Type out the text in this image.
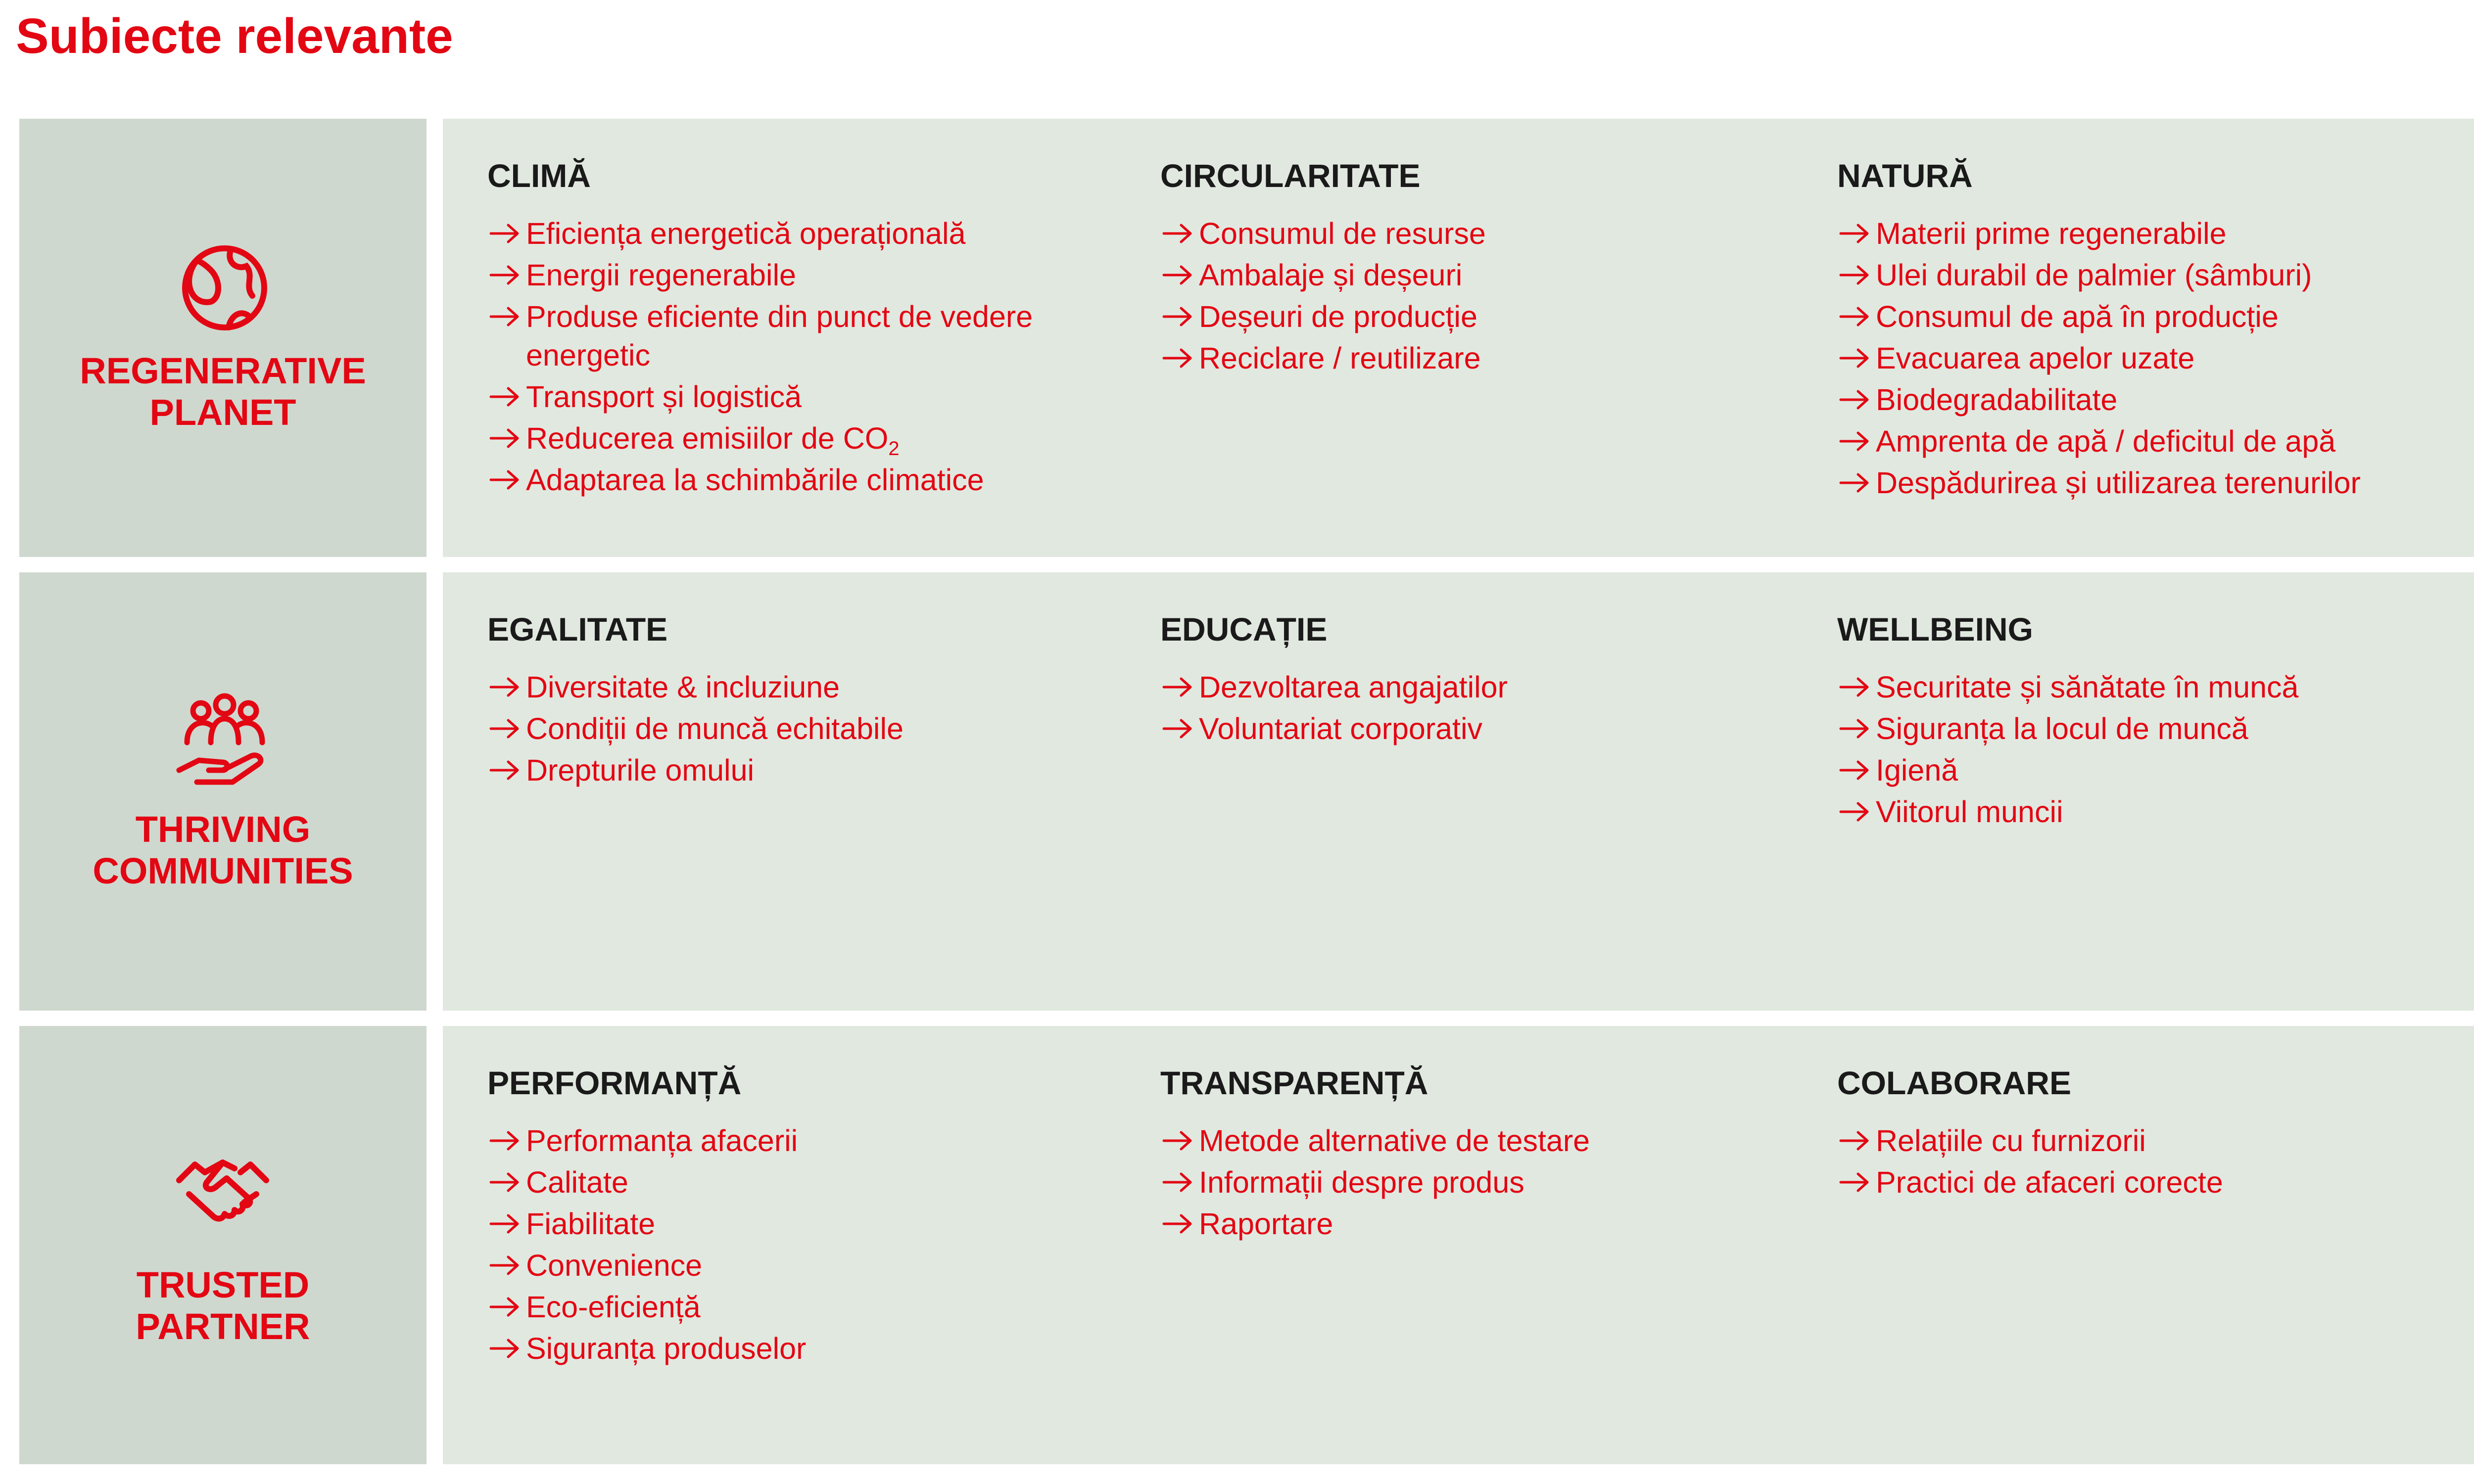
Subiecte relevante
REGENERATIVE
PLANET
CLIMĂ
Eficiența energetică operațională
Energii regenerabile
Produse eficiente din punct de vedere energetic
Transport și logistică
Reducerea emisiilor de $CO_2$
Adaptarea la schimbările climatice
CIRCULARITATE
Consumul de resurse
Ambalaje și deșeuri
Deșeuri de producție
Reciclare / reutilizare
NATURĂ
Materii prime regenerabile
Ulei durabil de palmier (sâmburi)
Consumul de apă în producție
Evacuarea apelor uzate
Biodegradabilitate
Amprenta de apă / deficitul de apă
Despădurirea și utilizarea terenurilor
THRIVING
COMMUNITIES
EGALITATE
Diversitate & incluziune
Condiții de muncă echitabile
Drepturile omului
EDUCAȚIE
Dezvoltarea angajatilor
Voluntariat corporativ
WELLBEING
Securitate și sănătate în muncă
Siguranța la locul de muncă
Igienă
Viitorul muncii
TRUSTED
PARTNER
PERFORMANȚĂ
Performanța afacerii
Calitate
Fiabilitate
Convenience
Eco-eficiență
Siguranța produselor
TRANSPARENȚĂ
Metode alternative de testare
Informații despre produs
Raportare
COLABORARE
Relațiile cu furnizorii
Practici de afaceri corecte
